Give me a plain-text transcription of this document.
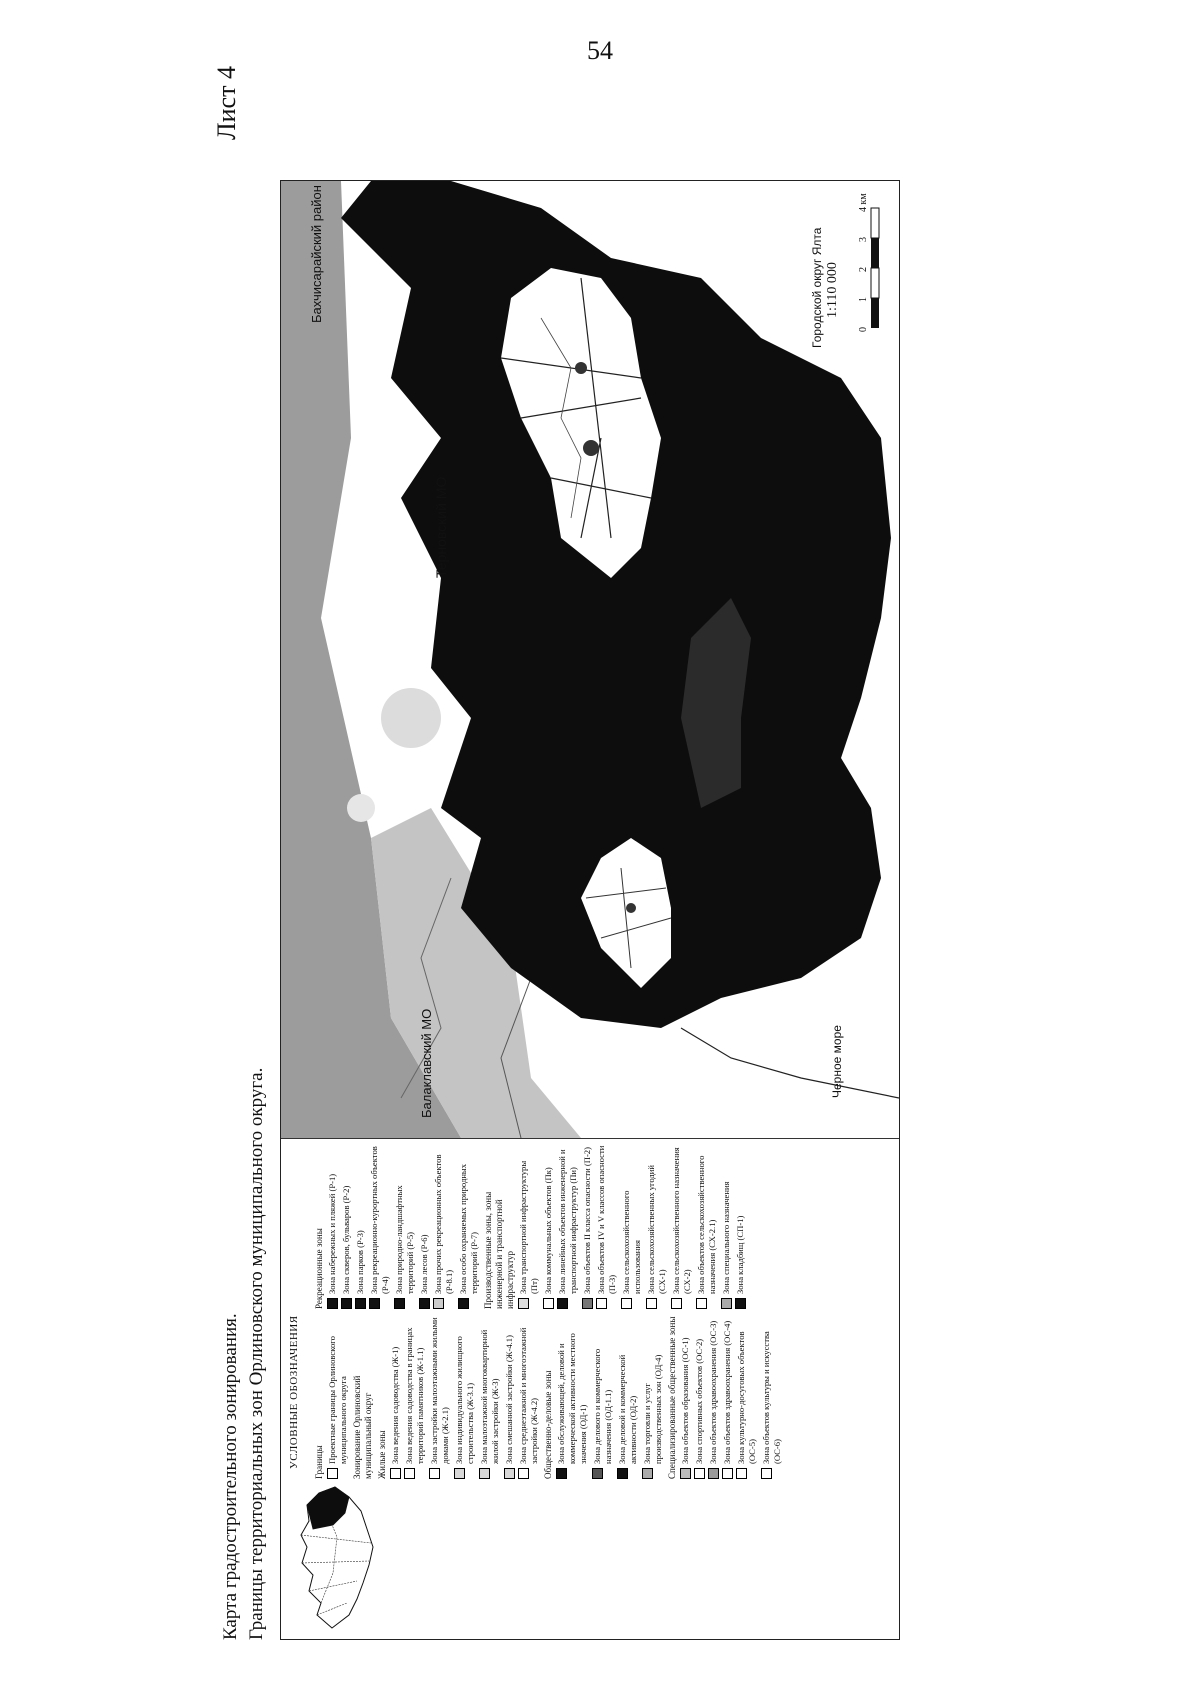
54
Лист 4
Карта градостроительного зонирования. Границы территориальных зон Орлиновского муниципального округа. УСЛОВНЫЕ ОБОЗНАЧЕНИЯ Границы Проектные границы Орлиновского муниципального округа Зонирование Орлиновский муниципальный округ Жилые зоны Зона ведения садоводства (Ж-1) Зона ведения садоводства в границах территорий памятников (Ж-1.1) Зона застройки малоэтажными жилыми домами (Ж-2.1) Зона индивидуального жилищного строительства (Ж-3.1) Зона малоэтажной многоквартирной жилой застройки (Ж-3) Зона смешанной застройки (Ж-4.1) Зона среднеэтажной и многоэтажной застройки (Ж-4.2) Общественно-деловые зоны Зона обслуживающей, деловой и коммерческой активности местного значения (ОД-1) Зона делового и коммерческого назначения (ОД-1.1) Зона деловой и коммерческой активности (ОД-2) Зона торговли и услуг производственных зон (ОД-4) Специализированные общественные зоны Зона объектов образования (ОС-1) Зона спортивных объектов (ОС-2) Зона объектов здравоохранения (ОС-3) Зона объектов здравоохранения (ОС-4) Зона культурно-досуговых объектов (ОС-5) Зона объектов культуры и искусства (ОС-6)
Рекреационные зоны Зона набережных и пляжей (Р-1) Зона скверов, бульваров (Р-2) Зона парков (Р-3) Зона рекреационно-курортных объектов (Р-4) Зона природно-ландшафтных территорий (Р-5) Зона лесов (Р-6) Зона прочих рекреационных объектов (Р-8.1) Зона особо охраняемых природных территорий (Р-7) Производственные зоны, зоны инженерной и транспортной инфраструктур Зона транспортной инфраструктуры (Пт) Зона коммунальных объектов (Пк) Зона линейных объектов инженерной и транспортной инфраструктур (Пи) Зона объектов II класса опасности (П-2) Зона объектов IV и V классов опасности (П-3) Зона сельскохозяйственного использования Зона сельскохозяйственных угодий (СХ-1) Зона сельскохозяйственного назначения (СХ-2) Зона объектов сельскохозяйственного назначения (СХ-2.1) Зона специального назначения Зона кладбищ (СП-1)
Бахчисарайский район
Терновский МО
Балаклавский МО
Городской округ Ялта
Черное море
1:110 000
0
1
2
3
4 км
